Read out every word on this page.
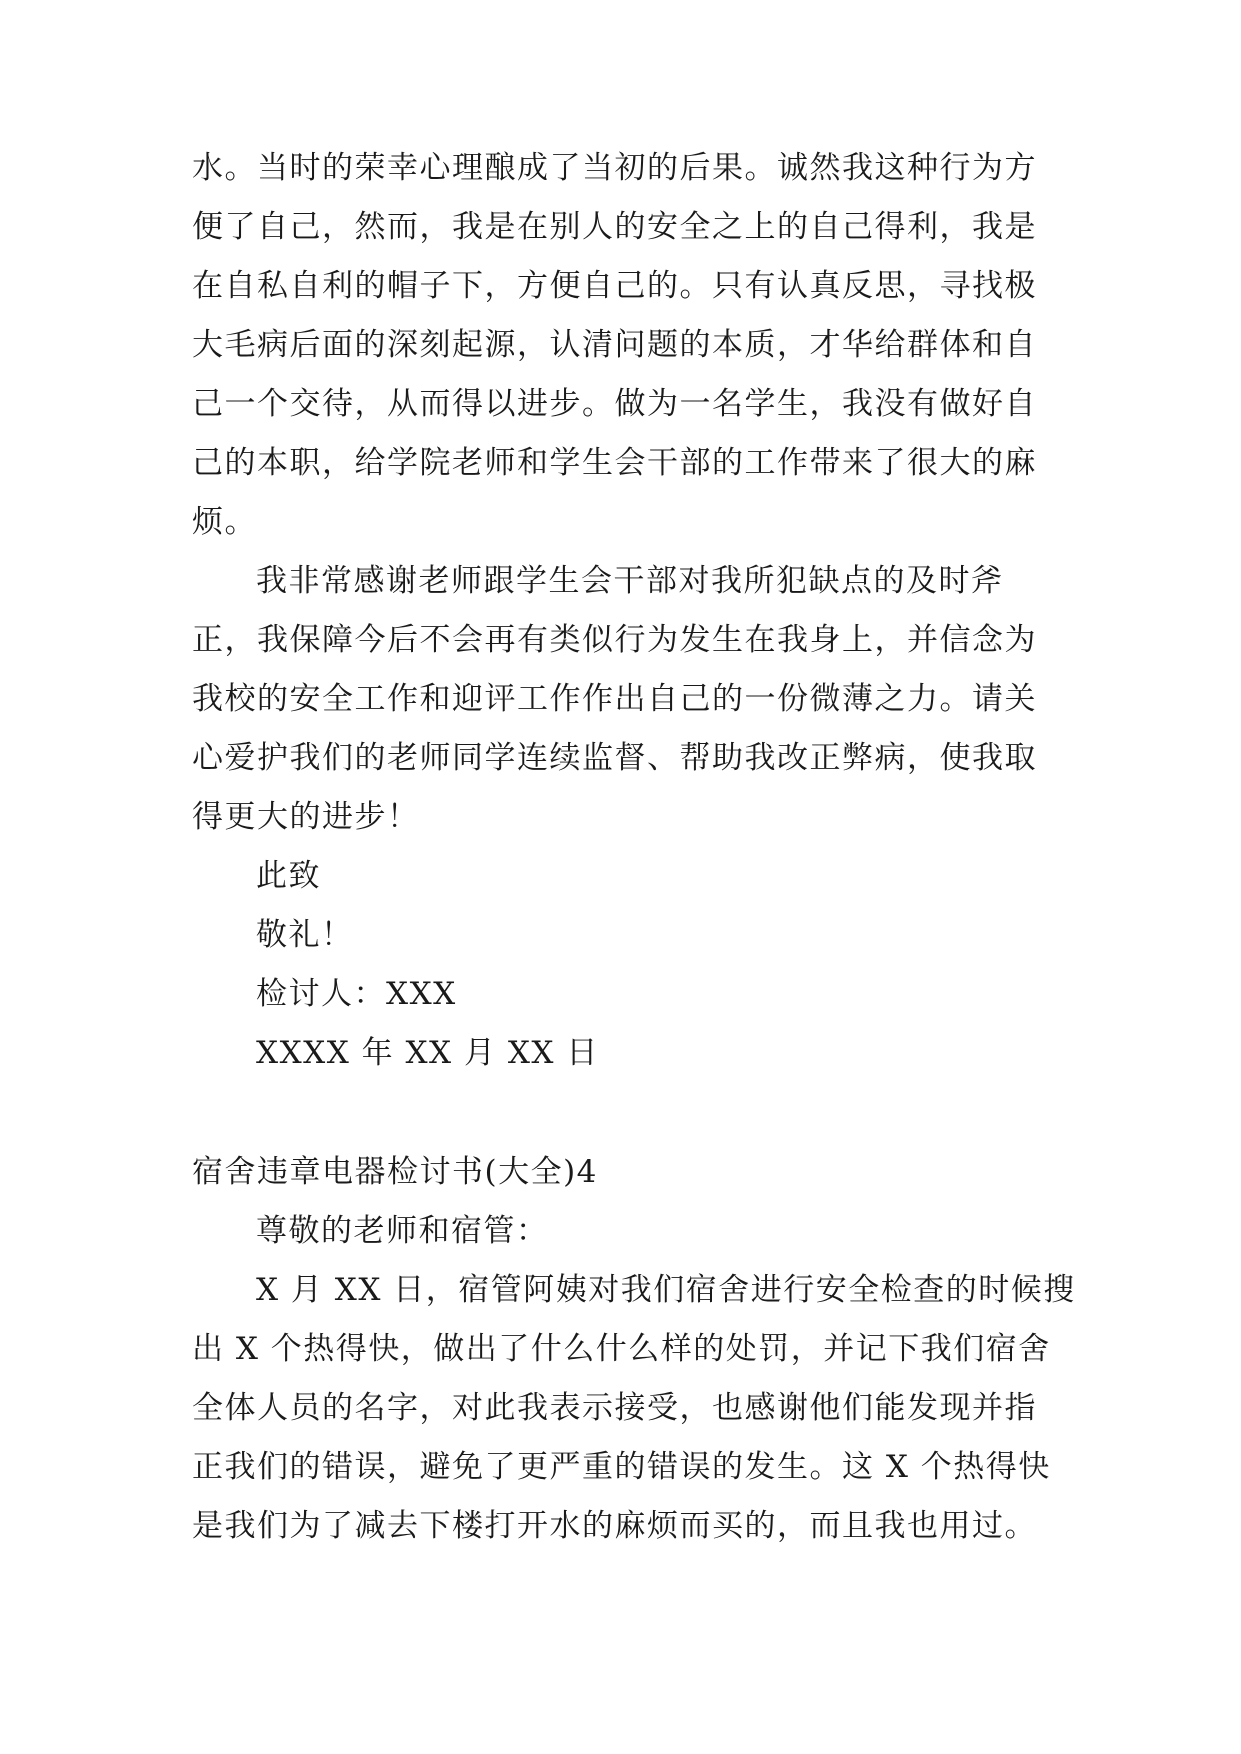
水。当时的荣幸心理酿成了当初的后果。诚然我这种行为方
便了自己，然而，我是在别人的安全之上的自己得利，我是
在自私自利的帽子下，方便自己的。只有认真反思，寻找极
大毛病后面的深刻起源，认清问题的本质，才华给群体和自
己一个交待，从而得以进步。做为一名学生，我没有做好自
己的本职，给学院老师和学生会干部的工作带来了很大的麻
烦。
我非常感谢老师跟学生会干部对我所犯缺点的及时斧
正，我保障今后不会再有类似行为发生在我身上，并信念为
我校的安全工作和迎评工作作出自己的一份微薄之力。请关
心爱护我们的老师同学连续监督、帮助我改正弊病，使我取
得更大的进步！
此致
敬礼！
检讨人：XXX
XXXX 年 XX 月 XX 日
宿舍违章电器检讨书(大全)4
尊敬的老师和宿管：
X 月 XX 日，宿管阿姨对我们宿舍进行安全检查的时候搜
出 X 个热得快，做出了什么什么样的处罚，并记下我们宿舍
全体人员的名字，对此我表示接受，也感谢他们能发现并指
正我们的错误，避免了更严重的错误的发生。这 X 个热得快
是我们为了减去下楼打开水的麻烦而买的，而且我也用过。
